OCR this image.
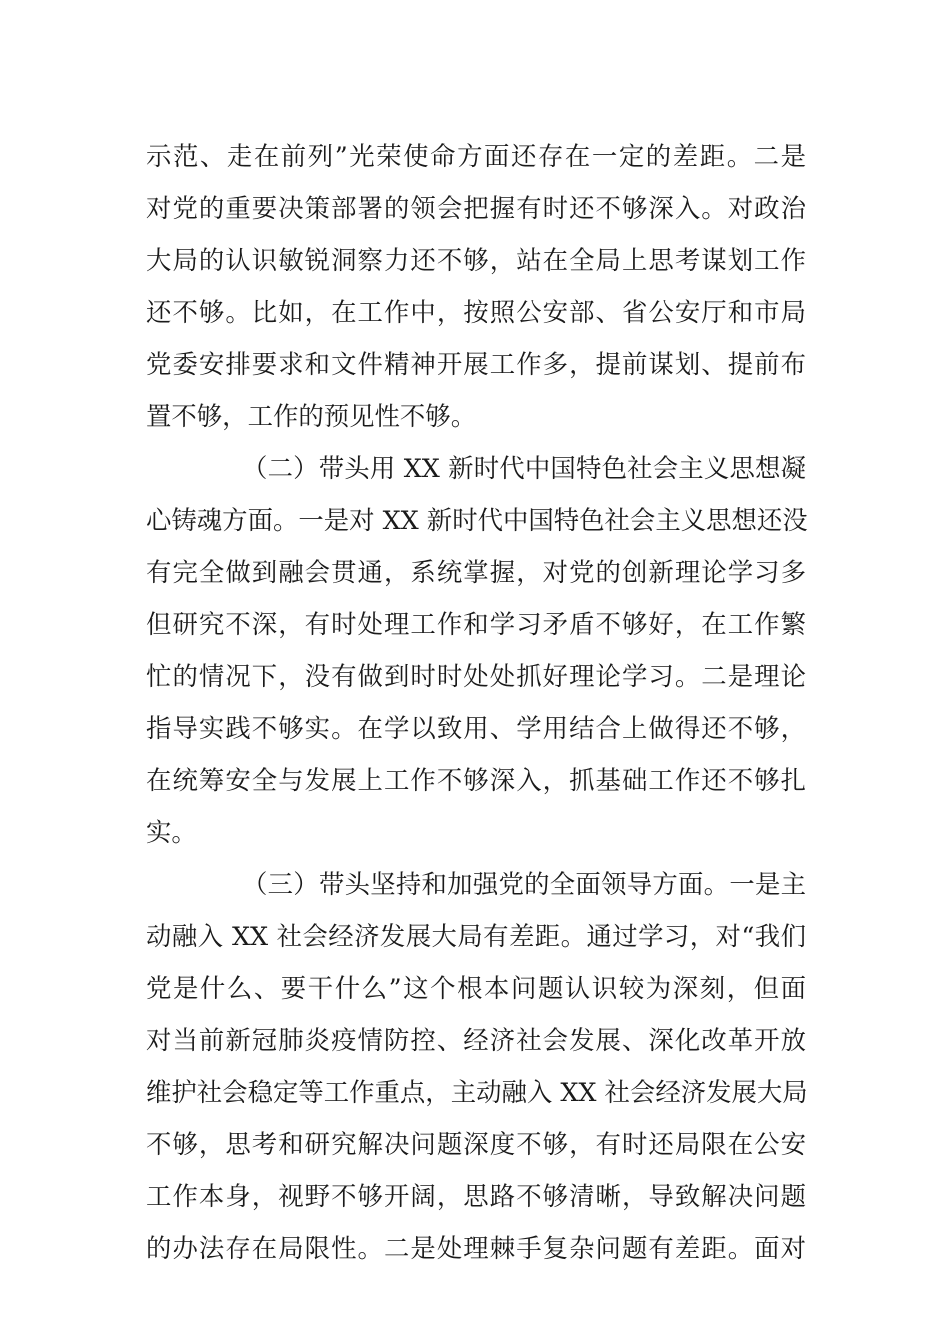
示范、走在前列”光荣使命方面还存在一定的差距。二是
对党的重要决策部署的领会把握有时还不够深入。对政治
大局的认识敏锐洞察力还不够，站在全局上思考谋划工作
还不够。比如，在工作中，按照公安部、省公安厅和市局
党委安排要求和文件精神开展工作多，提前谋划、提前布
置不够，工作的预见性不够。
（二）带头用 XX 新时代中国特色社会主义思想凝
心铸魂方面。一是对 XX 新时代中国特色社会主义思想还没
有完全做到融会贯通，系统掌握，对党的创新理论学习多
但研究不深，有时处理工作和学习矛盾不够好，在工作繁
忙的情况下，没有做到时时处处抓好理论学习。二是理论
指导实践不够实。在学以致用、学用结合上做得还不够，
在统筹安全与发展上工作不够深入，抓基础工作还不够扎
实。
（三）带头坚持和加强党的全面领导方面。一是主
动融入 XX 社会经济发展大局有差距。通过学习，对“我们
党是什么、要干什么”这个根本问题认识较为深刻，但面
对当前新冠肺炎疫情防控、经济社会发展、深化改革开放
维护社会稳定等工作重点，主动融入 XX 社会经济发展大局
不够，思考和研究解决问题深度不够，有时还局限在公安
工作本身，视野不够开阔，思路不够清晰，导致解决问题
的办法存在局限性。二是处理棘手复杂问题有差距。面对
